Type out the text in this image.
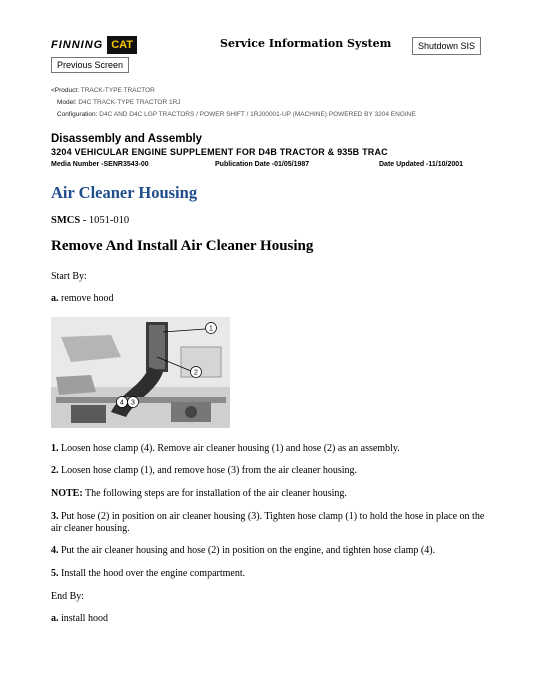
FINNING CAT	Service Information System	Shutdown SIS
Previous Screen
<Product: TRACK-TYPE TRACTOR
Model: D4C TRACK-TYPE TRACTOR 1RJ
Configuration: D4C AND D4C LGP TRACTORS / POWER SHIFT / 1RJ00001-UP (MACHINE) POWERED BY 3204 ENGINE
Disassembly and Assembly
3204 VEHICULAR ENGINE SUPPLEMENT FOR D4B TRACTOR & 935B TRAC
Media Number -SENR3543-00	Publication Date -01/05/1987	Date Updated -11/10/2001
Air Cleaner Housing
SMCS - 1051-010
Remove And Install Air Cleaner Housing
Start By:
a. remove hood
1
2
3
4
1. Loosen hose clamp (4). Remove air cleaner housing (1) and hose (2) as an assembly.
2. Loosen hose clamp (1), and remove hose (3) from the air cleaner housing.
NOTE: The following steps are for installation of the air cleaner housing.
3. Put hose (2) in position on air cleaner housing (3). Tighten hose clamp (1) to hold the hose in place on the air cleaner housing.
4. Put the air cleaner housing and hose (2) in position on the engine, and tighten hose clamp (4).
5. Install the hood over the engine compartment.
End By:
a. install hood
